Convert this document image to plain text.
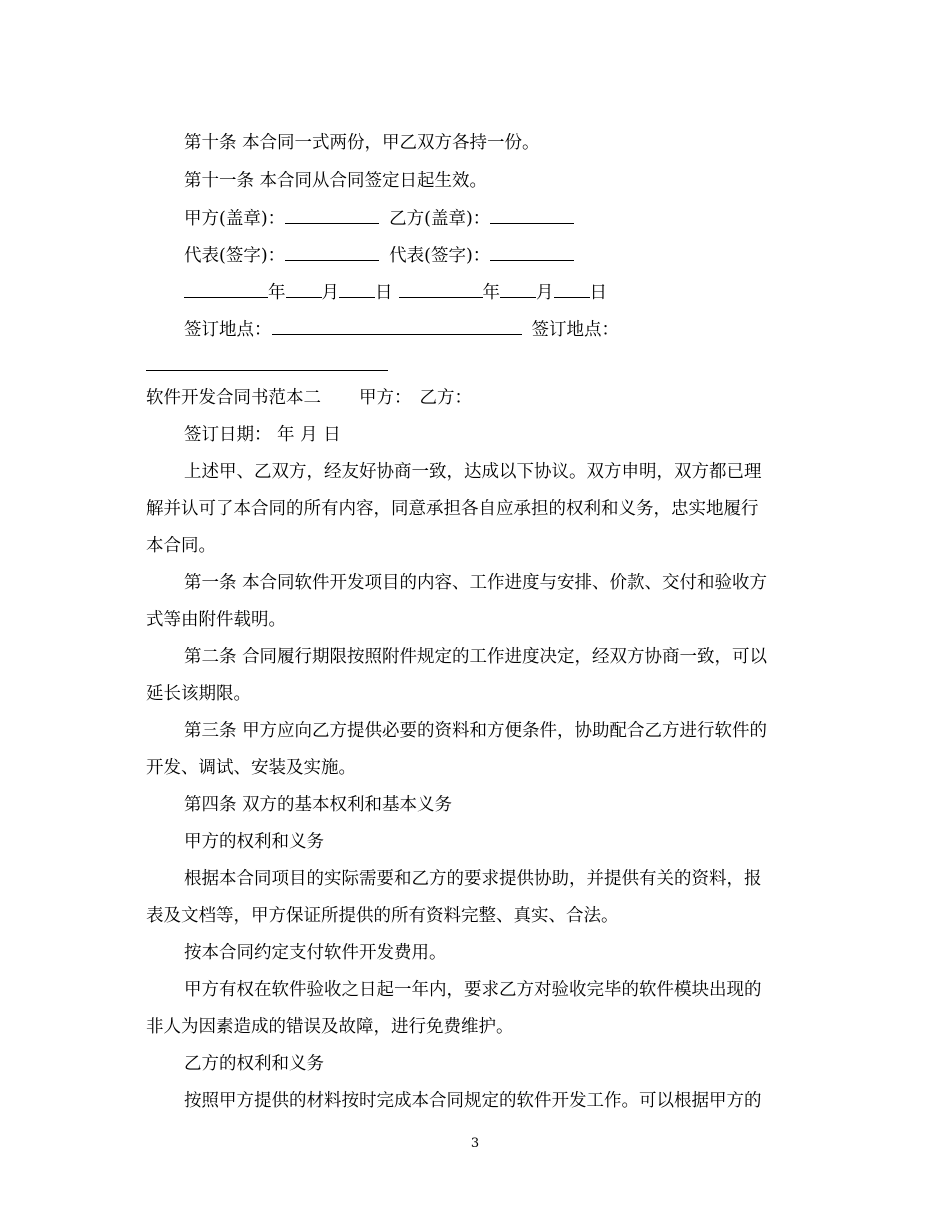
第十条 本合同一式两份，甲乙双方各持一份。
第十一条 本合同从合同签定日起生效。
甲方(盖章)：	乙方(盖章)：
代表(签字)：	代表(签字)：
年 月 日	年 月 日
签订地点：	签订地点：
软件开发合同书范本二 甲方： 乙方：
签订日期： 年 月 日
上述甲、乙双方，经友好协商一致，达成以下协议。双方申明，双方都已理
解并认可了本合同的所有内容，同意承担各自应承担的权利和义务，忠实地履行
本合同。
第一条 本合同软件开发项目的内容、工作进度与安排、价款、交付和验收方
式等由附件载明。
第二条 合同履行期限按照附件规定的工作进度决定，经双方协商一致，可以
延长该期限。
第三条 甲方应向乙方提供必要的资料和方便条件，协助配合乙方进行软件的
开发、调试、安装及实施。
第四条 双方的基本权利和基本义务
甲方的权利和义务
根据本合同项目的实际需要和乙方的要求提供协助，并提供有关的资料，报
表及文档等，甲方保证所提供的所有资料完整、真实、合法。
按本合同约定支付软件开发费用。
甲方有权在软件验收之日起一年内，要求乙方对验收完毕的软件模块出现的
非人为因素造成的错误及故障，进行免费维护。
乙方的权利和义务
按照甲方提供的材料按时完成本合同规定的软件开发工作。可以根据甲方的
3
